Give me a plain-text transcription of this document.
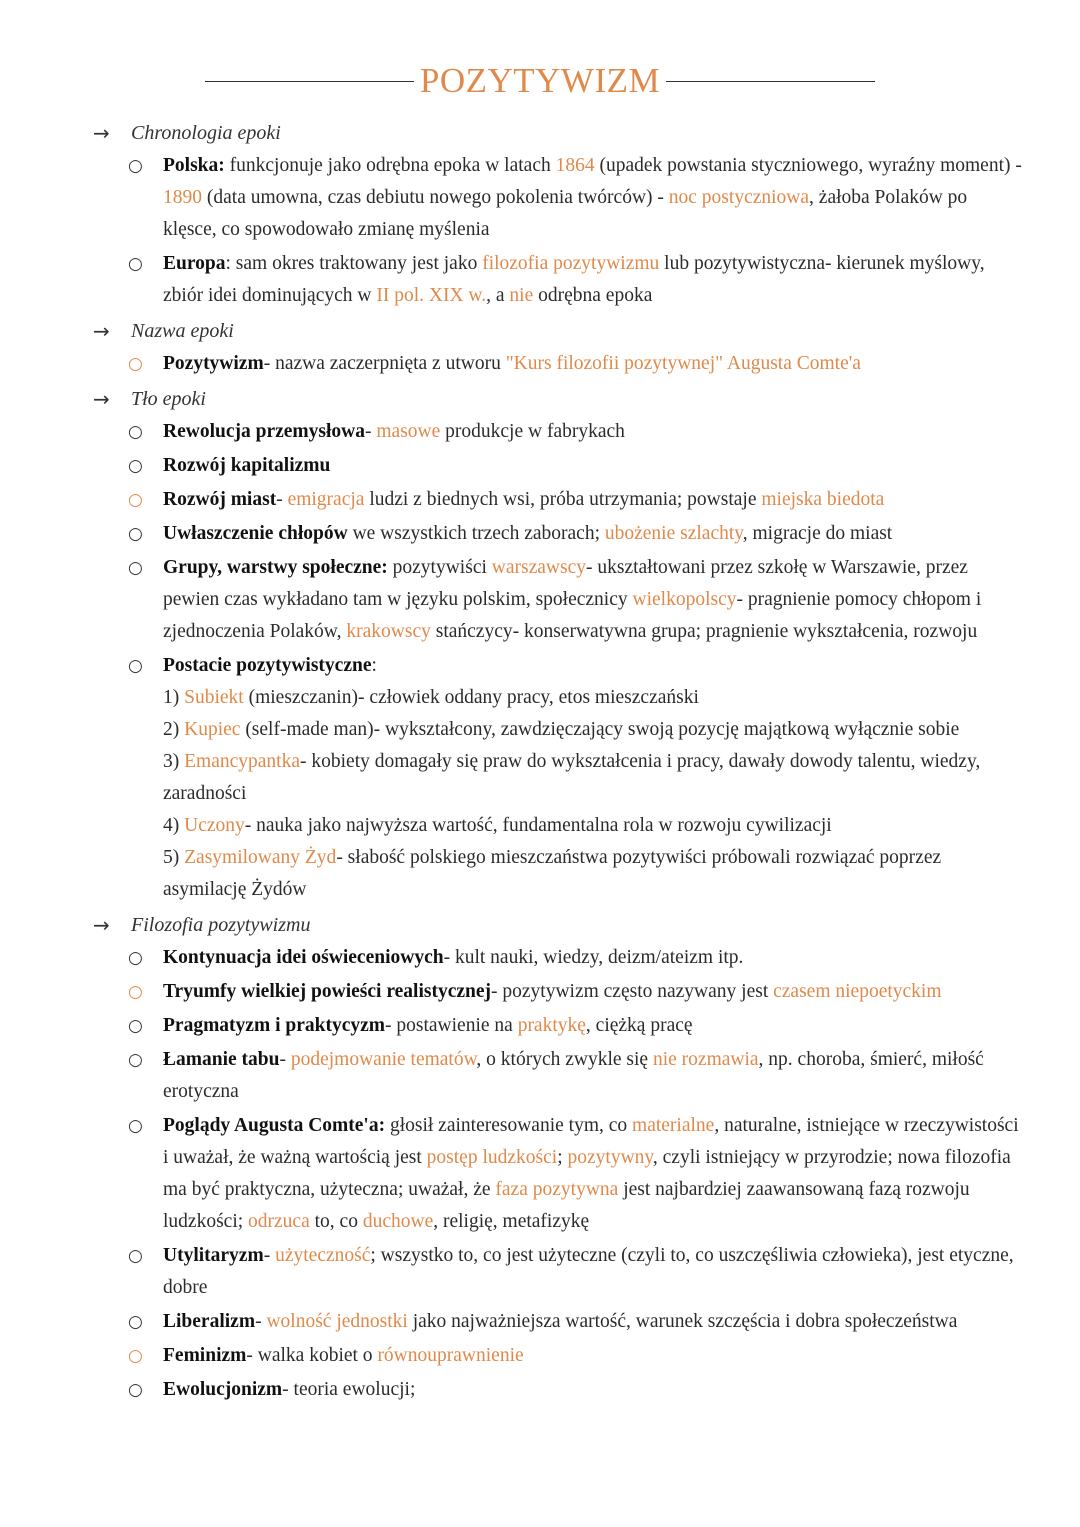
POZYTYWIZM
→ Chronologia epoki
○ Polska: funkcjonuje jako odrębna epoka w latach 1864 (upadek powstania styczniowego, wyraźny moment) - 1890 (data umowna, czas debiutu nowego pokolenia twórców) - noc postyczniowa, żałoba Polaków po klęsce, co spowodowało zmianę myślenia
○ Europa: sam okres traktowany jest jako filozofia pozytywizmu lub pozytywistyczna- kierunek myślowy, zbiór idei dominujących w II pol. XIX w., a nie odrębna epoka
→ Nazwa epoki
○ Pozytywizm- nazwa zaczerpnięta z utworu "Kurs filozofii pozytywnej" Augusta Comte'a
→ Tło epoki
○ Rewolucja przemysłowa- masowe produkcje w fabrykach
○ Rozwój kapitalizmu
○ Rozwój miast- emigracja ludzi z biednych wsi, próba utrzymania; powstaje miejska biedota
○ Uwłaszczenie chłopów we wszystkich trzech zaborach; ubożenie szlachty, migracje do miast
○ Grupy, warstwy społeczne: pozytywiści warszawscy- ukształtowani przez szkołę w Warszawie, przez pewien czas wykładano tam w języku polskim, społecznicy wielkopolscy- pragnienie pomocy chłopom i zjednoczenia Polaków, krakowscy stańczycy- konserwatywna grupa; pragnienie wykształcenia, rozwoju
○ Postacie pozytywistyczne:
1) Subiekt (mieszczanin)- człowiek oddany pracy, etos mieszczański
2) Kupiec (self-made man)- wykształcony, zawdzięczający swoją pozycję majątkową wyłącznie sobie
3) Emancypantka- kobiety domagały się praw do wykształcenia i pracy, dawały dowody talentu, wiedzy, zaradności
4) Uczony- nauka jako najwyższa wartość, fundamentalna rola w rozwoju cywilizacji
5) Zasymilowany Żyd- słabość polskiego mieszczaństwa pozytywiści próbowali rozwiązać poprzez asymilację Żydów
→ Filozofia pozytywizmu
○ Kontynuacja idei oświeceniowych- kult nauki, wiedzy, deizm/ateizm itp.
○ Tryumfy wielkiej powieści realistycznej- pozytywizm często nazywany jest czasem niepoetyckim
○ Pragmatyzm i praktycyzm- postawienie na praktykę, ciężką pracę
○ Łamanie tabu- podejmowanie tematów, o których zwykle się nie rozmawia, np. choroba, śmierć, miłość erotyczna
○ Poglądy Augusta Comte'a: głosił zainteresowanie tym, co materialne, naturalne, istniejące w rzeczywistości i uważał, że ważną wartością jest postęp ludzkości; pozytywny, czyli istniejący w przyrodzie; nowa filozofia ma być praktyczna, użyteczna; uważał, że faza pozytywna jest najbardziej zaawansowaną fazą rozwoju ludzkości; odrzuca to, co duchowe, religię, metafizykę
○ Utylitaryzm- użyteczność; wszystko to, co jest użyteczne (czyli to, co uszczęśliwia człowieka), jest etyczne, dobre
○ Liberalizm- wolność jednostki jako najważniejsza wartość, warunek szczęścia i dobra społeczeństwa
○ Feminizm- walka kobiet o równouprawnienie
○ Ewolucjonizm- teoria ewolucji;
